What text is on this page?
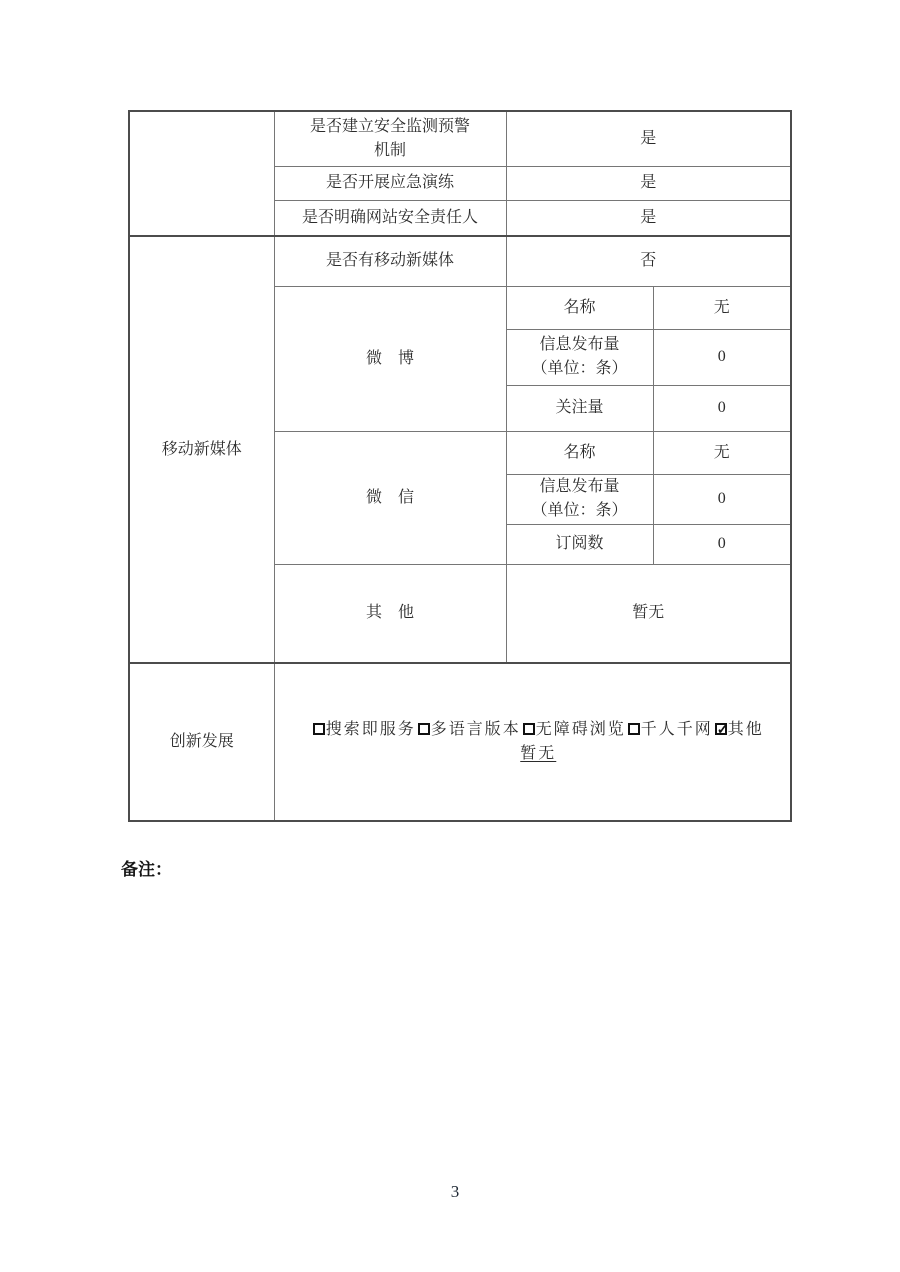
	是否建立安全监测预警
机制	是	
	是否开展应急演练	是	
	是否明确网站安全责任人	是	
移动新媒体	是否有移动新媒体	否	
	微　博	名称	无

		信息发布量
（单位：条）	0
		关注量	0
	微　信	名称	无

		信息发布量
（单位：条）	0
		订阅数	0
	其　他	暂无	
创新发展	搜索即服务 多语言版本 无障碍浏览 千人千网 ✓其他
暂无		
备注：
3
